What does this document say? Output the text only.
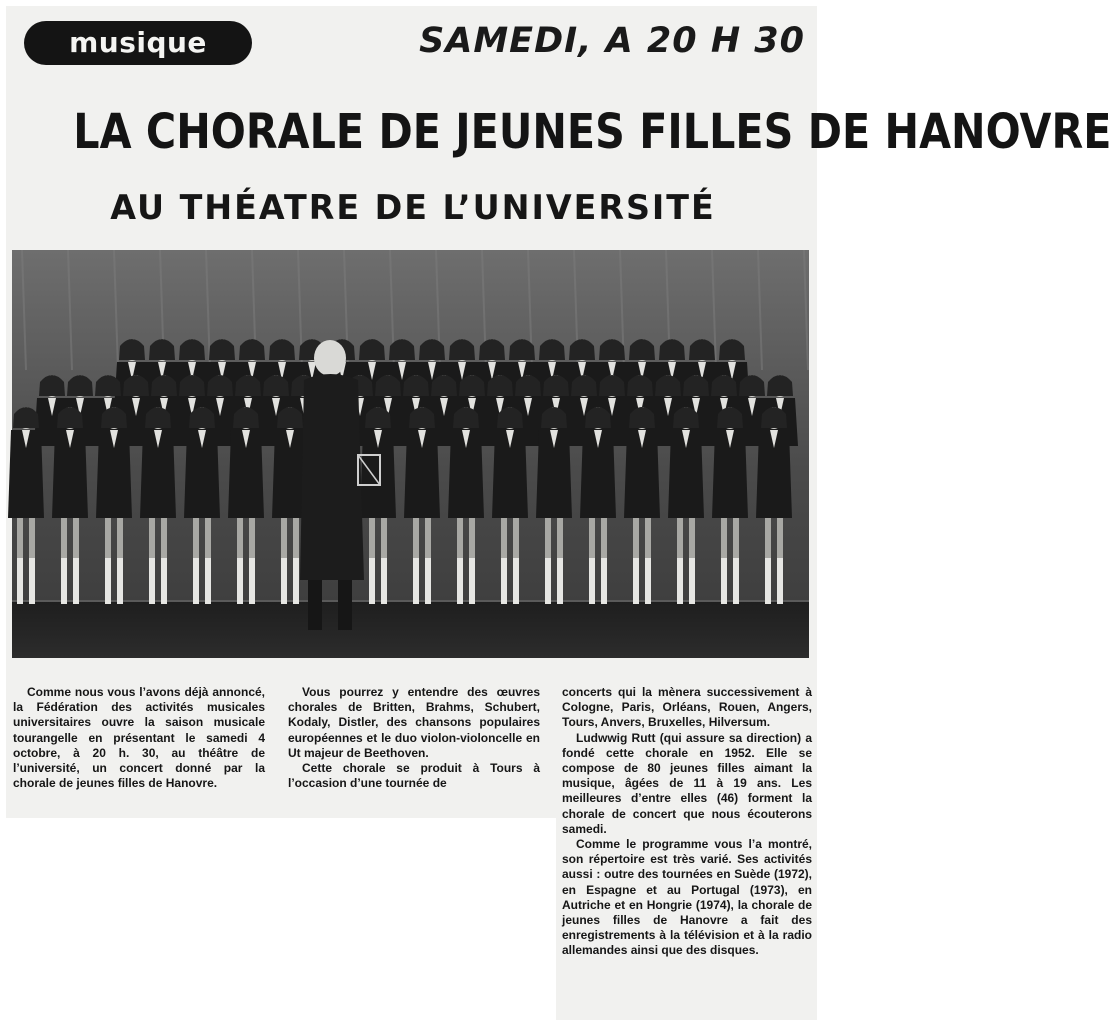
musique	SAMEDI, A 20 H 30
LA CHORALE DE JEUNES FILLES DE HANOVRE
AU THÉATRE DE L’UNIVERSITÉ

Comme nous vous l’avons déjà annoncé, la Fédération des activités musicales universitaires ouvre la saison musicale tourangelle en présentant le samedi 4 octobre, à 20 h. 30, au théâtre de l’université, un concert donné par la chorale de jeunes filles de Hanovre.

Vous pourrez y entendre des œuvres chorales de Britten, Brahms, Schubert, Kodaly, Distler, des chansons populaires européennes et le duo violon-violoncelle en Ut majeur de Beethoven.

Cette chorale se produit à Tours à l’occasion d’une tournée de

concerts qui la mènera successivement à Cologne, Paris, Orléans, Rouen, Angers, Tours, Anvers, Bruxelles, Hilversum.

Ludwwig Rutt (qui assure sa direction) a fondé cette chorale en 1952. Elle se compose de 80 jeunes filles aimant la musique, âgées de 11 à 19 ans. Les meilleures d’entre elles (46) forment la chorale de concert que nous écouterons samedi.

Comme le programme vous l’a montré, son répertoire est très varié. Ses activités aussi : outre des tournées en Suède (1972), en Espagne et au Portugal (1973), en Autriche et en Hongrie (1974), la chorale de jeunes filles de Hanovre a fait des enregistrements à la télévision et à la radio allemandes ainsi que des disques.
